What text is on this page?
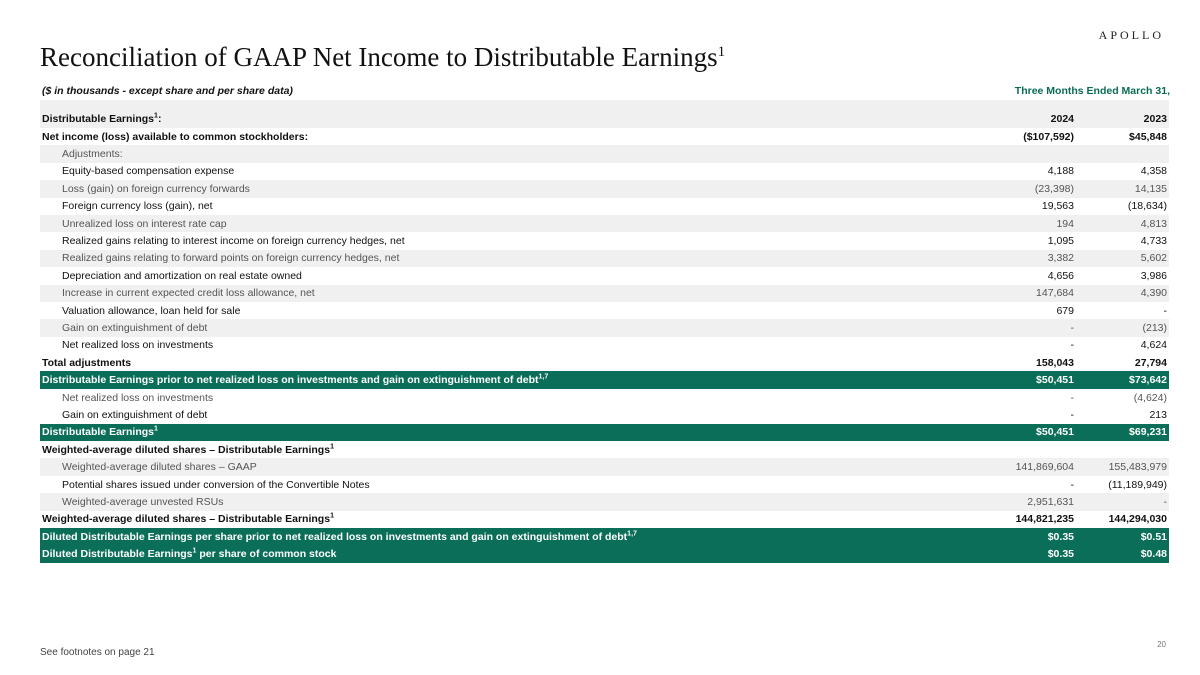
APOLLO
Reconciliation of GAAP Net Income to Distributable Earnings$^1$
($ in thousands - except share and per share data)	Three Months Ended March 31,
Distributable Earnings$^1$:	2024	2023
Net income (loss) available to common stockholders:	($107,592)	$45,848
Adjustments:		
Equity-based compensation expense	4,188	4,358
Loss (gain) on foreign currency forwards	(23,398)	14,135
Foreign currency loss (gain), net	19,563	(18,634)
Unrealized loss on interest rate cap	194	4,813
Realized gains relating to interest income on foreign currency hedges, net	1,095	4,733
Realized gains relating to forward points on foreign currency hedges, net	3,382	5,602
Depreciation and amortization on real estate owned	4,656	3,986
Increase in current expected credit loss allowance, net	147,684	4,390
Valuation allowance, loan held for sale	679	-
Gain on extinguishment of debt	-	(213)
Net realized loss on investments	-	4,624
Total adjustments	158,043	27,794
Distributable Earnings prior to net realized loss on investments and gain on extinguishment of debt$^{1,7}$	$50,451	$73,642
Net realized loss on investments	-	(4,624)
Gain on extinguishment of debt	-	213
Distributable Earnings$^1$	$50,451	$69,231
Weighted-average diluted shares – Distributable Earnings$^1$		
Weighted-average diluted shares – GAAP	141,869,604	155,483,979
Potential shares issued under conversion of the Convertible Notes	-	(11,189,949)
Weighted-average unvested RSUs	2,951,631	-
Weighted-average diluted shares – Distributable Earnings$^1$	144,821,235	144,294,030
Diluted Distributable Earnings per share prior to net realized loss on investments and gain on extinguishment of debt$^{1,7}$	$0.35	$0.51
Diluted Distributable Earnings$^1$ per share of common stock	$0.35	$0.48
See footnotes on page 21
20
